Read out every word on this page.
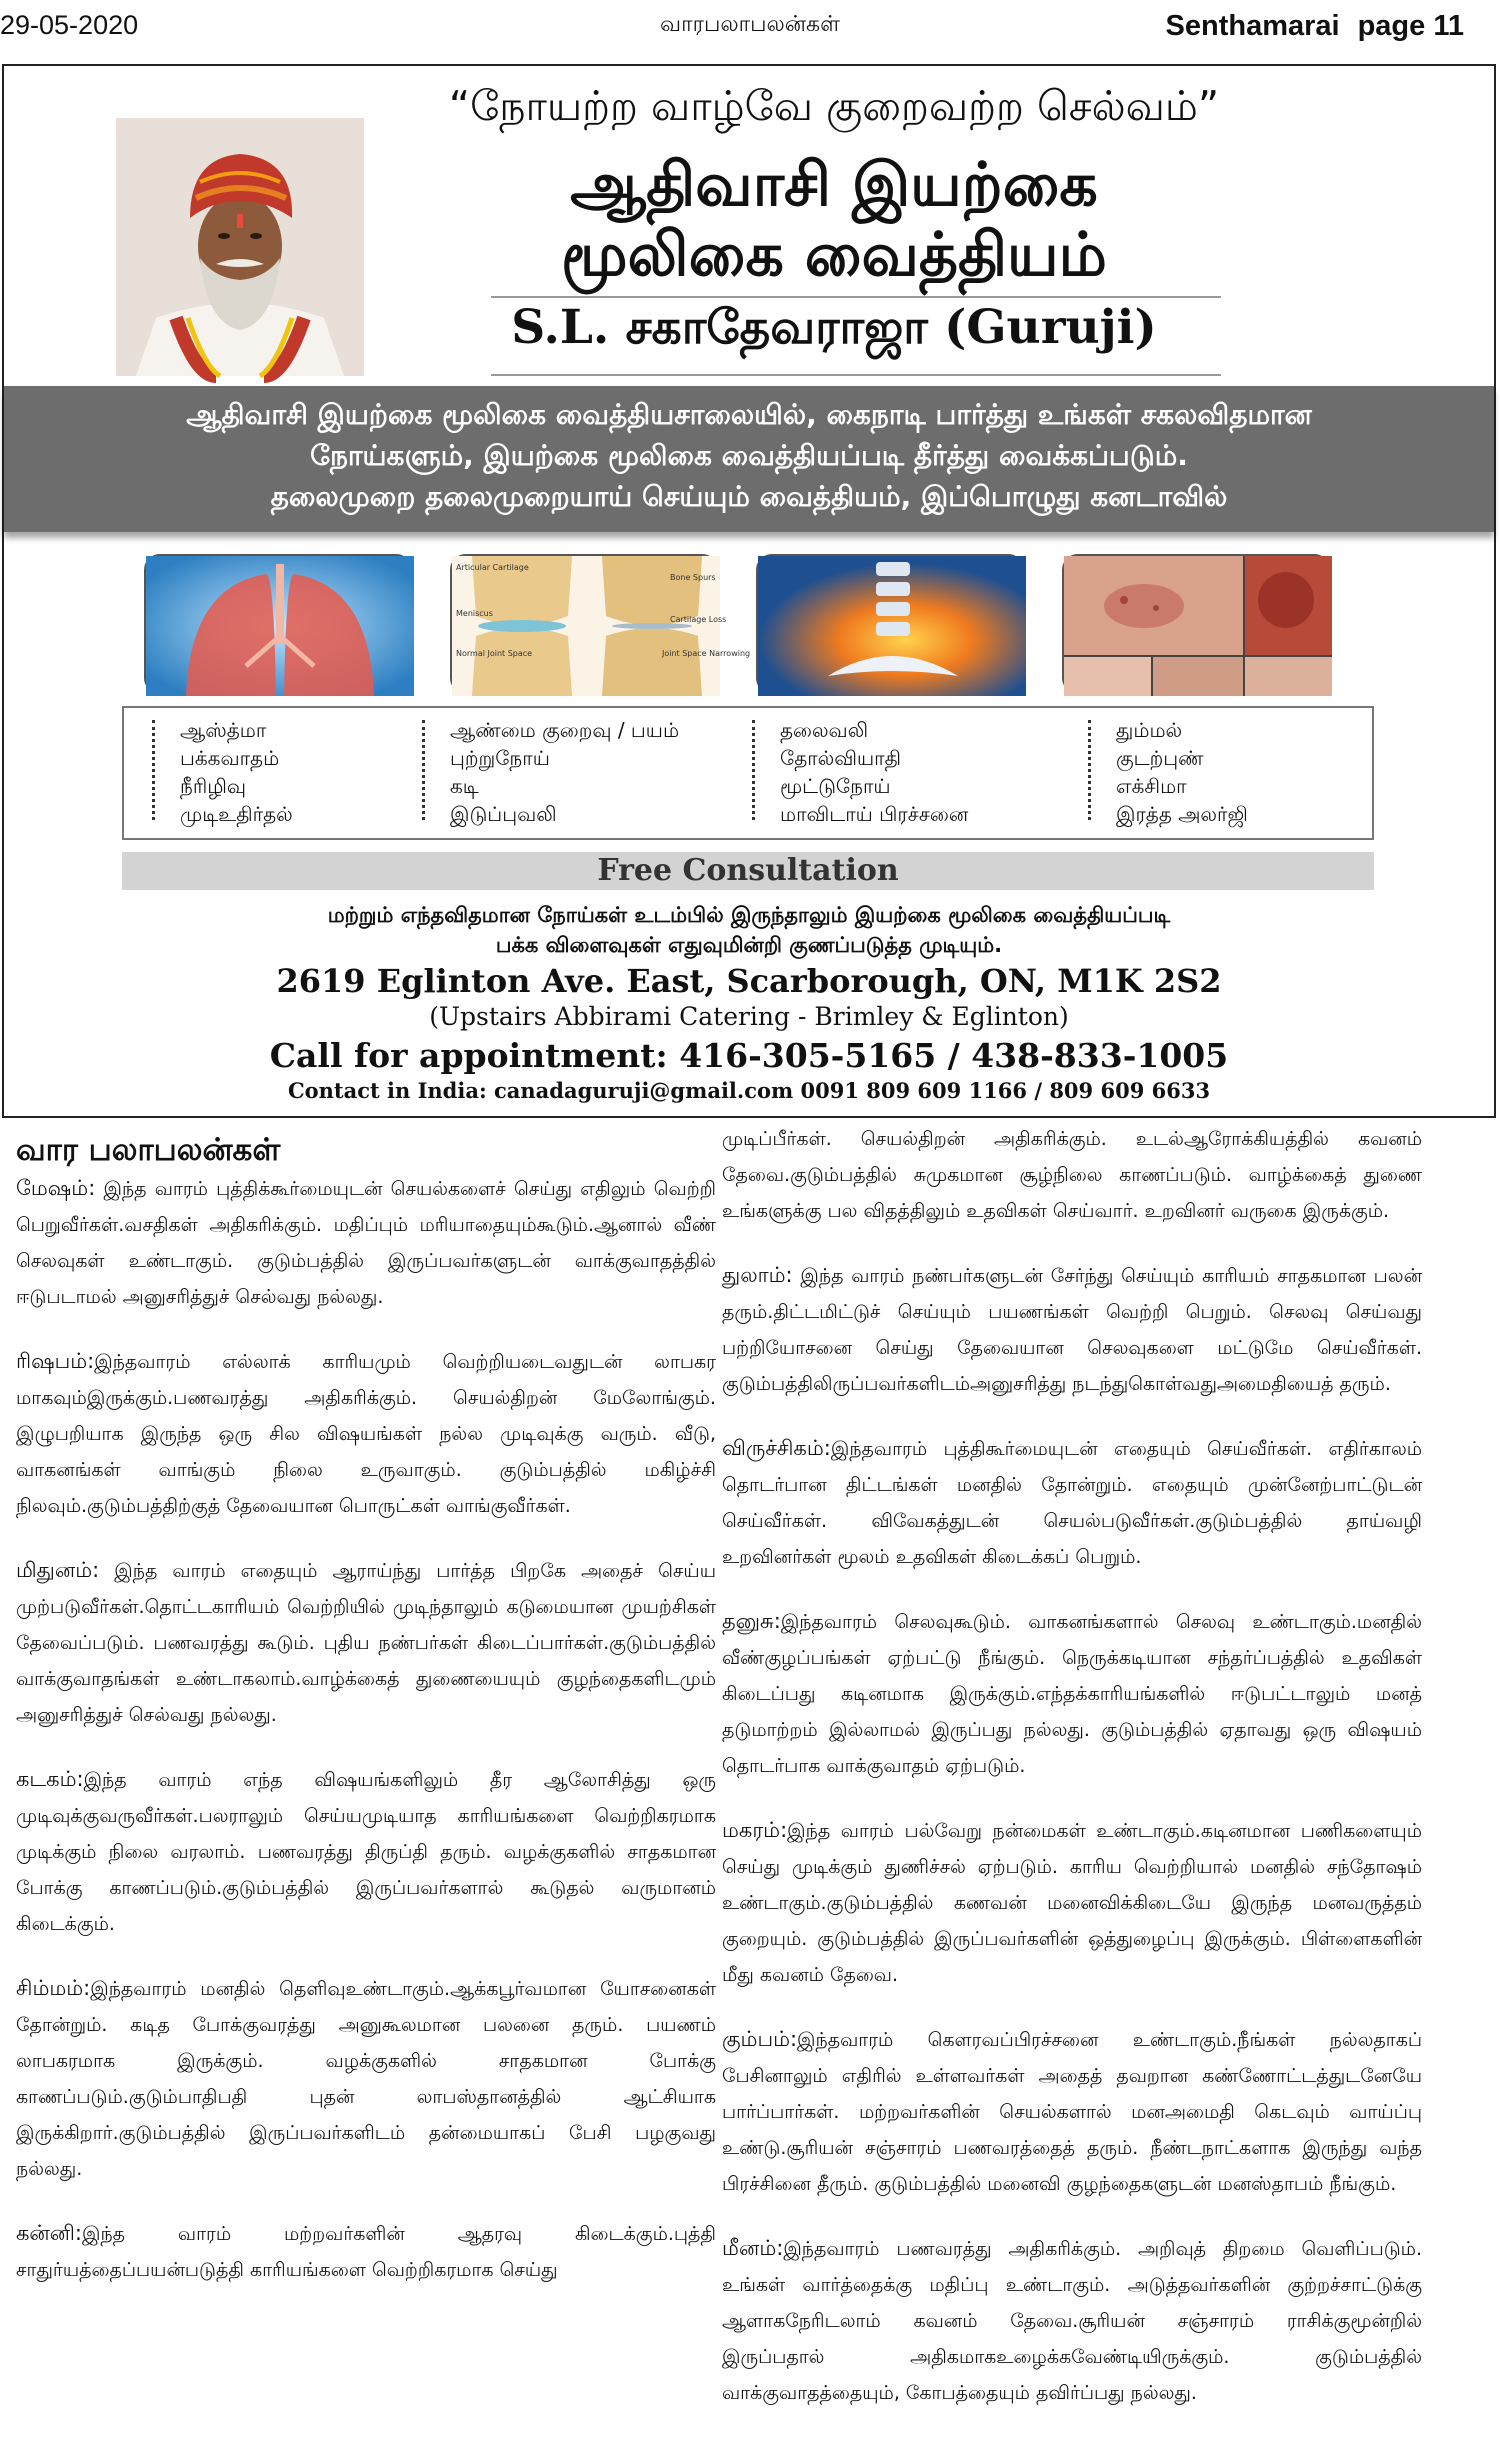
29-05-2020	வாரபலாபலன்கள்	Senthamarai page 11
“நோயற்ற வாழ்வே குறைவற்ற செல்வம்”
ஆதிவாசி இயற்கை
மூலிகை வைத்தியம்
S.L. சகாதேவராஜா (Guruji)
ஆதிவாசி இயற்கை மூலிகை வைத்தியசாலையில், கைநாடி பார்த்து உங்கள் சகலவிதமான
நோய்களும், இயற்கை மூலிகை வைத்தியப்படி தீர்த்து வைக்கப்படும்.
தலைமுறை தலைமுறையாய் செய்யும் வைத்தியம், இப்பொழுது கனடாவில்
Articular Cartilage
Meniscus
Normal Joint Space
Bone Spurs
Cartilage Loss
Joint Space Narrowing
ஆஸ்த்மா
பக்கவாதம்
நீரிழிவு
முடிஉதிர்தல்
ஆண்மை குறைவு / பயம்
புற்றுநோய்
கடி
இடுப்புவலி
தலைவலி
தோல்வியாதி
மூட்டுநோய்
மாவிடாய் பிரச்சனை
தும்மல்
குடற்புண்
எக்சிமா
இரத்த அலர்ஜி
Free Consultation
மற்றும் எந்தவிதமான நோய்கள் உடம்பில் இருந்தாலும் இயற்கை மூலிகை வைத்தியப்படி
பக்க விளைவுகள் எதுவுமின்றி குணப்படுத்த முடியும்.
2619 Eglinton Ave. East, Scarborough, ON, M1K 2S2
(Upstairs Abbirami Catering - Brimley & Eglinton)
Call for appointment: 416-305-5165 / 438-833-1005
Contact in India: canadaguruji@gmail.com 0091 809 609 1166 / 809 609 6633
வார பலாபலன்கள்
மேஷம்: இந்த வாரம் புத்திக்கூர்மையுடன் செயல்களைச் செய்து எதிலும் வெற்றி பெறுவீர்கள்.வசதிகள் அதிகரிக்கும். மதிப்பும் மரியாதையும்கூடும்.ஆனால் வீண் செலவுகள் உண்டாகும். குடும்பத்தில் இருப்பவர்களுடன் வாக்குவாதத்தில் ஈடுபடாமல் அனுசரித்துச் செல்வது நல்லது.
ரிஷபம்:இந்தவாரம் எல்லாக் காரியமும் வெற்றியடைவதுடன் லாபகர மாகவும்இருக்கும்.பணவரத்து அதிகரிக்கும். செயல்திறன் மேலோங்கும். இழுபறியாக இருந்த ஒரு சில விஷயங்கள் நல்ல முடிவுக்கு வரும். வீடு, வாகனங்கள் வாங்கும் நிலை உருவாகும். குடும்பத்தில் மகிழ்ச்சி நிலவும்.குடும்பத்திற்குத் தேவையான பொருட்கள் வாங்குவீர்கள்.
மிதுனம்: இந்த வாரம் எதையும் ஆராய்ந்து பார்த்த பிறகே அதைச் செய்ய முற்படுவீர்கள்.தொட்டகாரியம் வெற்றியில் முடிந்தாலும் கடுமையான முயற்சிகள் தேவைப்படும். பணவரத்து கூடும். புதிய நண்பர்கள் கிடைப்பார்கள்.குடும்பத்தில் வாக்குவாதங்கள் உண்டாகலாம்.வாழ்க்கைத் துணையையும் குழந்தைகளிடமும் அனுசரித்துச் செல்வது நல்லது.
கடகம்:இந்த வாரம் எந்த விஷயங்களிலும் தீர ஆலோசித்து ஒரு முடிவுக்குவருவீர்கள்.பலராலும் செய்யமுடியாத காரியங்களை வெற்றிகரமாக முடிக்கும் நிலை வரலாம். பணவரத்து திருப்தி தரும். வழக்குகளில் சாதகமான போக்கு காணப்படும்.குடும்பத்தில் இருப்பவர்களால் கூடுதல் வருமானம் கிடைக்கும்.
சிம்மம்:இந்தவாரம் மனதில் தெளிவுஉண்டாகும்.ஆக்கபூர்வமான யோசனைகள் தோன்றும். கடித போக்குவரத்து அனுகூலமான பலனை தரும். பயணம் லாபகரமாக இருக்கும். வழக்குகளில் சாதகமான போக்கு காணப்படும்.குடும்பாதிபதி புதன் லாபஸ்தானத்தில் ஆட்சியாக இருக்கிறார்.குடும்பத்தில் இருப்பவர்களிடம் தன்மையாகப் பேசி பழகுவது நல்லது.
கன்னி:இந்த வாரம் மற்றவர்களின் ஆதரவு கிடைக்கும்.புத்தி சாதுர்யத்தைப்பயன்படுத்தி காரியங்களை வெற்றிகரமாக செய்து
முடிப்பீர்கள். செயல்திறன் அதிகரிக்கும். உடல்ஆரோக்கியத்தில் கவனம் தேவை.குடும்பத்தில் சுமுகமான சூழ்நிலை காணப்படும். வாழ்க்கைத் துணை உங்களுக்கு பல விதத்திலும் உதவிகள் செய்வார். உறவினர் வருகை இருக்கும்.
துலாம்: இந்த வாரம் நண்பர்களுடன் சேர்ந்து செய்யும் காரியம் சாதகமான பலன் தரும்.திட்டமிட்டுச் செய்யும் பயணங்கள் வெற்றி பெறும். செலவு செய்வது பற்றியோசனை செய்து தேவையான செலவுகளை மட்டுமே செய்வீர்கள். குடும்பத்திலிருப்பவர்களிடம்அனுசரித்து நடந்துகொள்வதுஅமைதியைத் தரும்.
விருச்சிகம்:இந்தவாரம் புத்திகூர்மையுடன் எதையும் செய்வீர்கள். எதிர்காலம் தொடர்பான திட்டங்கள் மனதில் தோன்றும். எதையும் முன்னேற்பாட்டுடன் செய்வீர்கள். விவேகத்துடன் செயல்படுவீர்கள்.குடும்பத்தில் தாய்வழி உறவினர்கள் மூலம் உதவிகள் கிடைக்கப் பெறும்.
தனுசு:இந்தவாரம் செலவுகூடும். வாகனங்களால் செலவு உண்டாகும்.மனதில் வீண்குழப்பங்கள் ஏற்பட்டு நீங்கும். நெருக்கடியான சந்தர்ப்பத்தில் உதவிகள் கிடைப்பது கடினமாக இருக்கும்.எந்தக்காரியங்களில் ஈடுபட்டாலும் மனத் தடுமாற்றம் இல்லாமல் இருப்பது நல்லது. குடும்பத்தில் ஏதாவது ஒரு விஷயம் தொடர்பாக வாக்குவாதம் ஏற்படும்.
மகரம்:இந்த வாரம் பல்வேறு நன்மைகள் உண்டாகும்.கடினமான பணிகளையும் செய்து முடிக்கும் துணிச்சல் ஏற்படும். காரிய வெற்றியால் மனதில் சந்தோஷம் உண்டாகும்.குடும்பத்தில் கணவன் மனைவிக்கிடையே இருந்த மனவருத்தம் குறையும். குடும்பத்தில் இருப்பவர்களின் ஒத்துழைப்பு இருக்கும். பிள்ளைகளின் மீது கவனம் தேவை.
கும்பம்:இந்தவாரம் கௌரவப்பிரச்சனை உண்டாகும்.நீங்கள் நல்லதாகப் பேசினாலும் எதிரில் உள்ளவர்கள் அதைத் தவறான கண்ணோட்டத்துடனேயே பார்ப்பார்கள். மற்றவர்களின் செயல்களால் மனஅமைதி கெடவும் வாய்ப்பு உண்டு.சூரியன் சஞ்சாரம் பணவரத்தைத் தரும். நீண்டநாட்களாக இருந்து வந்த பிரச்சினை தீரும். குடும்பத்தில் மனைவி குழந்தைகளுடன் மனஸ்தாபம் நீங்கும்.
மீனம்:இந்தவாரம் பணவரத்து அதிகரிக்கும். அறிவுத் திறமை வெளிப்படும். உங்கள் வார்த்தைக்கு மதிப்பு உண்டாகும். அடுத்தவர்களின் குற்றச்சாட்டுக்கு ஆளாகநேரிடலாம் கவனம் தேவை.சூரியன் சஞ்சாரம் ராசிக்குமூன்றில் இருப்பதால் அதிகமாகஉழைக்கவேண்டியிருக்கும். குடும்பத்தில் வாக்குவாதத்தையும், கோபத்தையும் தவிர்ப்பது நல்லது.
